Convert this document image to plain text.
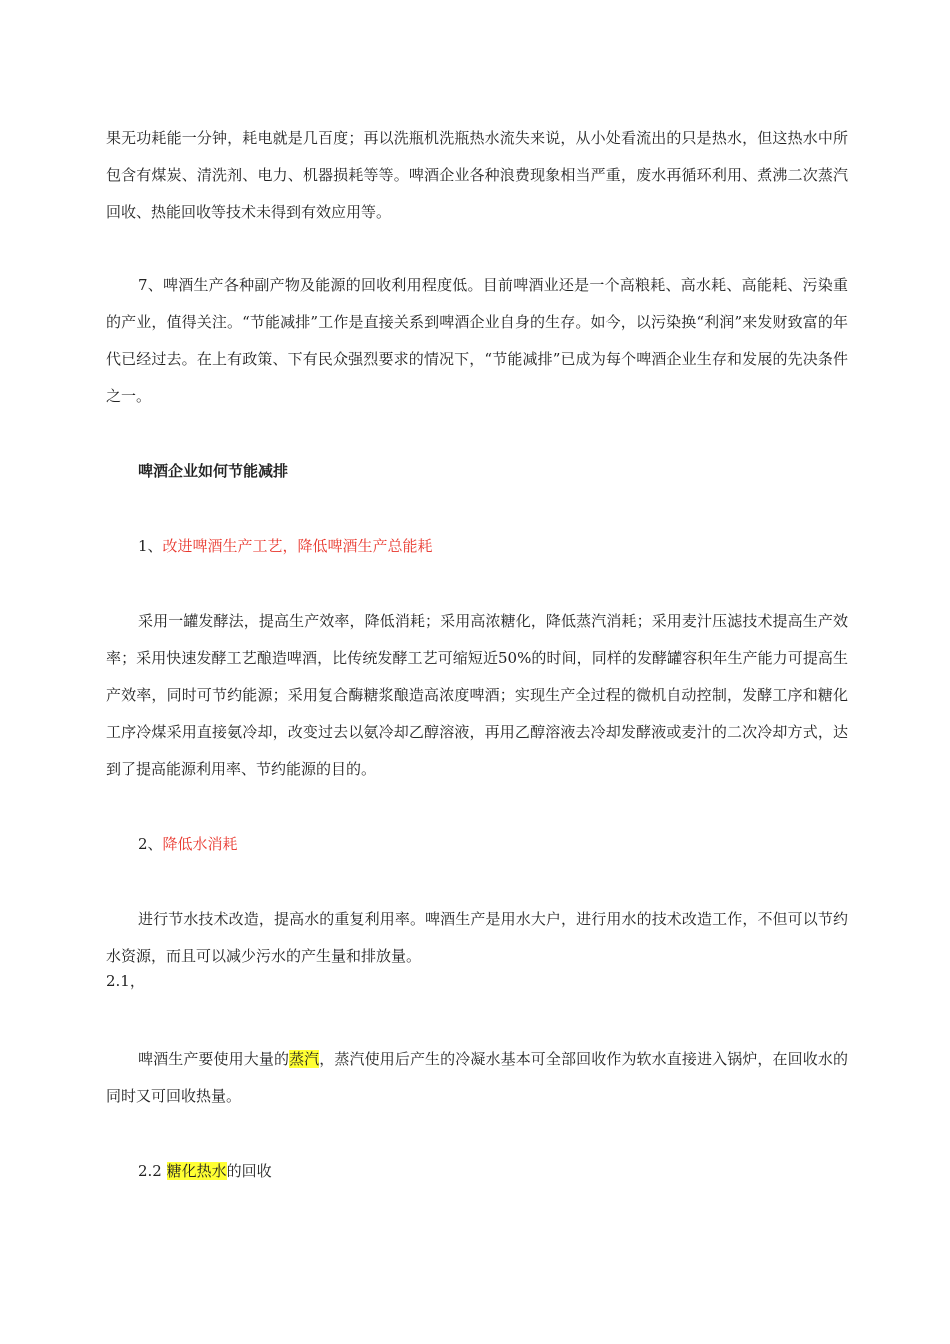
果无功耗能一分钟，耗电就是几百度；再以洗瓶机洗瓶热水流失来说，从小处看流出的只是热水，但这热水中所包含有煤炭、清洗剂、电力、机器损耗等等。啤酒企业各种浪费现象相当严重，废水再循环利用、煮沸二次蒸汽回收、热能回收等技术未得到有效应用等。

7、啤酒生产各种副产物及能源的回收利用程度低。目前啤酒业还是一个高粮耗、高水耗、高能耗、污染重的产业，值得关注。“节能减排”工作是直接关系到啤酒企业自身的生存。如今，以污染换“利润”来发财致富的年代已经过去。在上有政策、下有民众强烈要求的情况下，“节能减排”已成为每个啤酒企业生存和发展的先决条件之一。

啤酒企业如何节能减排

1、改进啤酒生产工艺，降低啤酒生产总能耗

采用一罐发酵法，提高生产效率，降低消耗；采用高浓糖化，降低蒸汽消耗；采用麦汁压滤技术提高生产效率；采用快速发酵工艺酿造啤酒，比传统发酵工艺可缩短近50%的时间，同样的发酵罐容积年生产能力可提高生产效率，同时可节约能源；采用复合酶糖浆酿造高浓度啤酒；实现生产全过程的微机自动控制，发酵工序和糖化工序冷煤采用直接氨冷却，改变过去以氨冷却乙醇溶液，再用乙醇溶液去冷却发酵液或麦汁的二次冷却方式，达到了提高能源利用率、节约能源的目的。

2、降低水消耗

进行节水技术改造，提高水的重复利用率。啤酒生产是用水大户，进行用水的技术改造工作，不但可以节约水资源，而且可以减少污水的产生量和排放量。

2.1，

啤酒生产要使用大量的蒸汽，蒸汽使用后产生的冷凝水基本可全部回收作为软水直接进入锅炉，在回收水的同时又可回收热量。

2.2 糖化热水的回收
